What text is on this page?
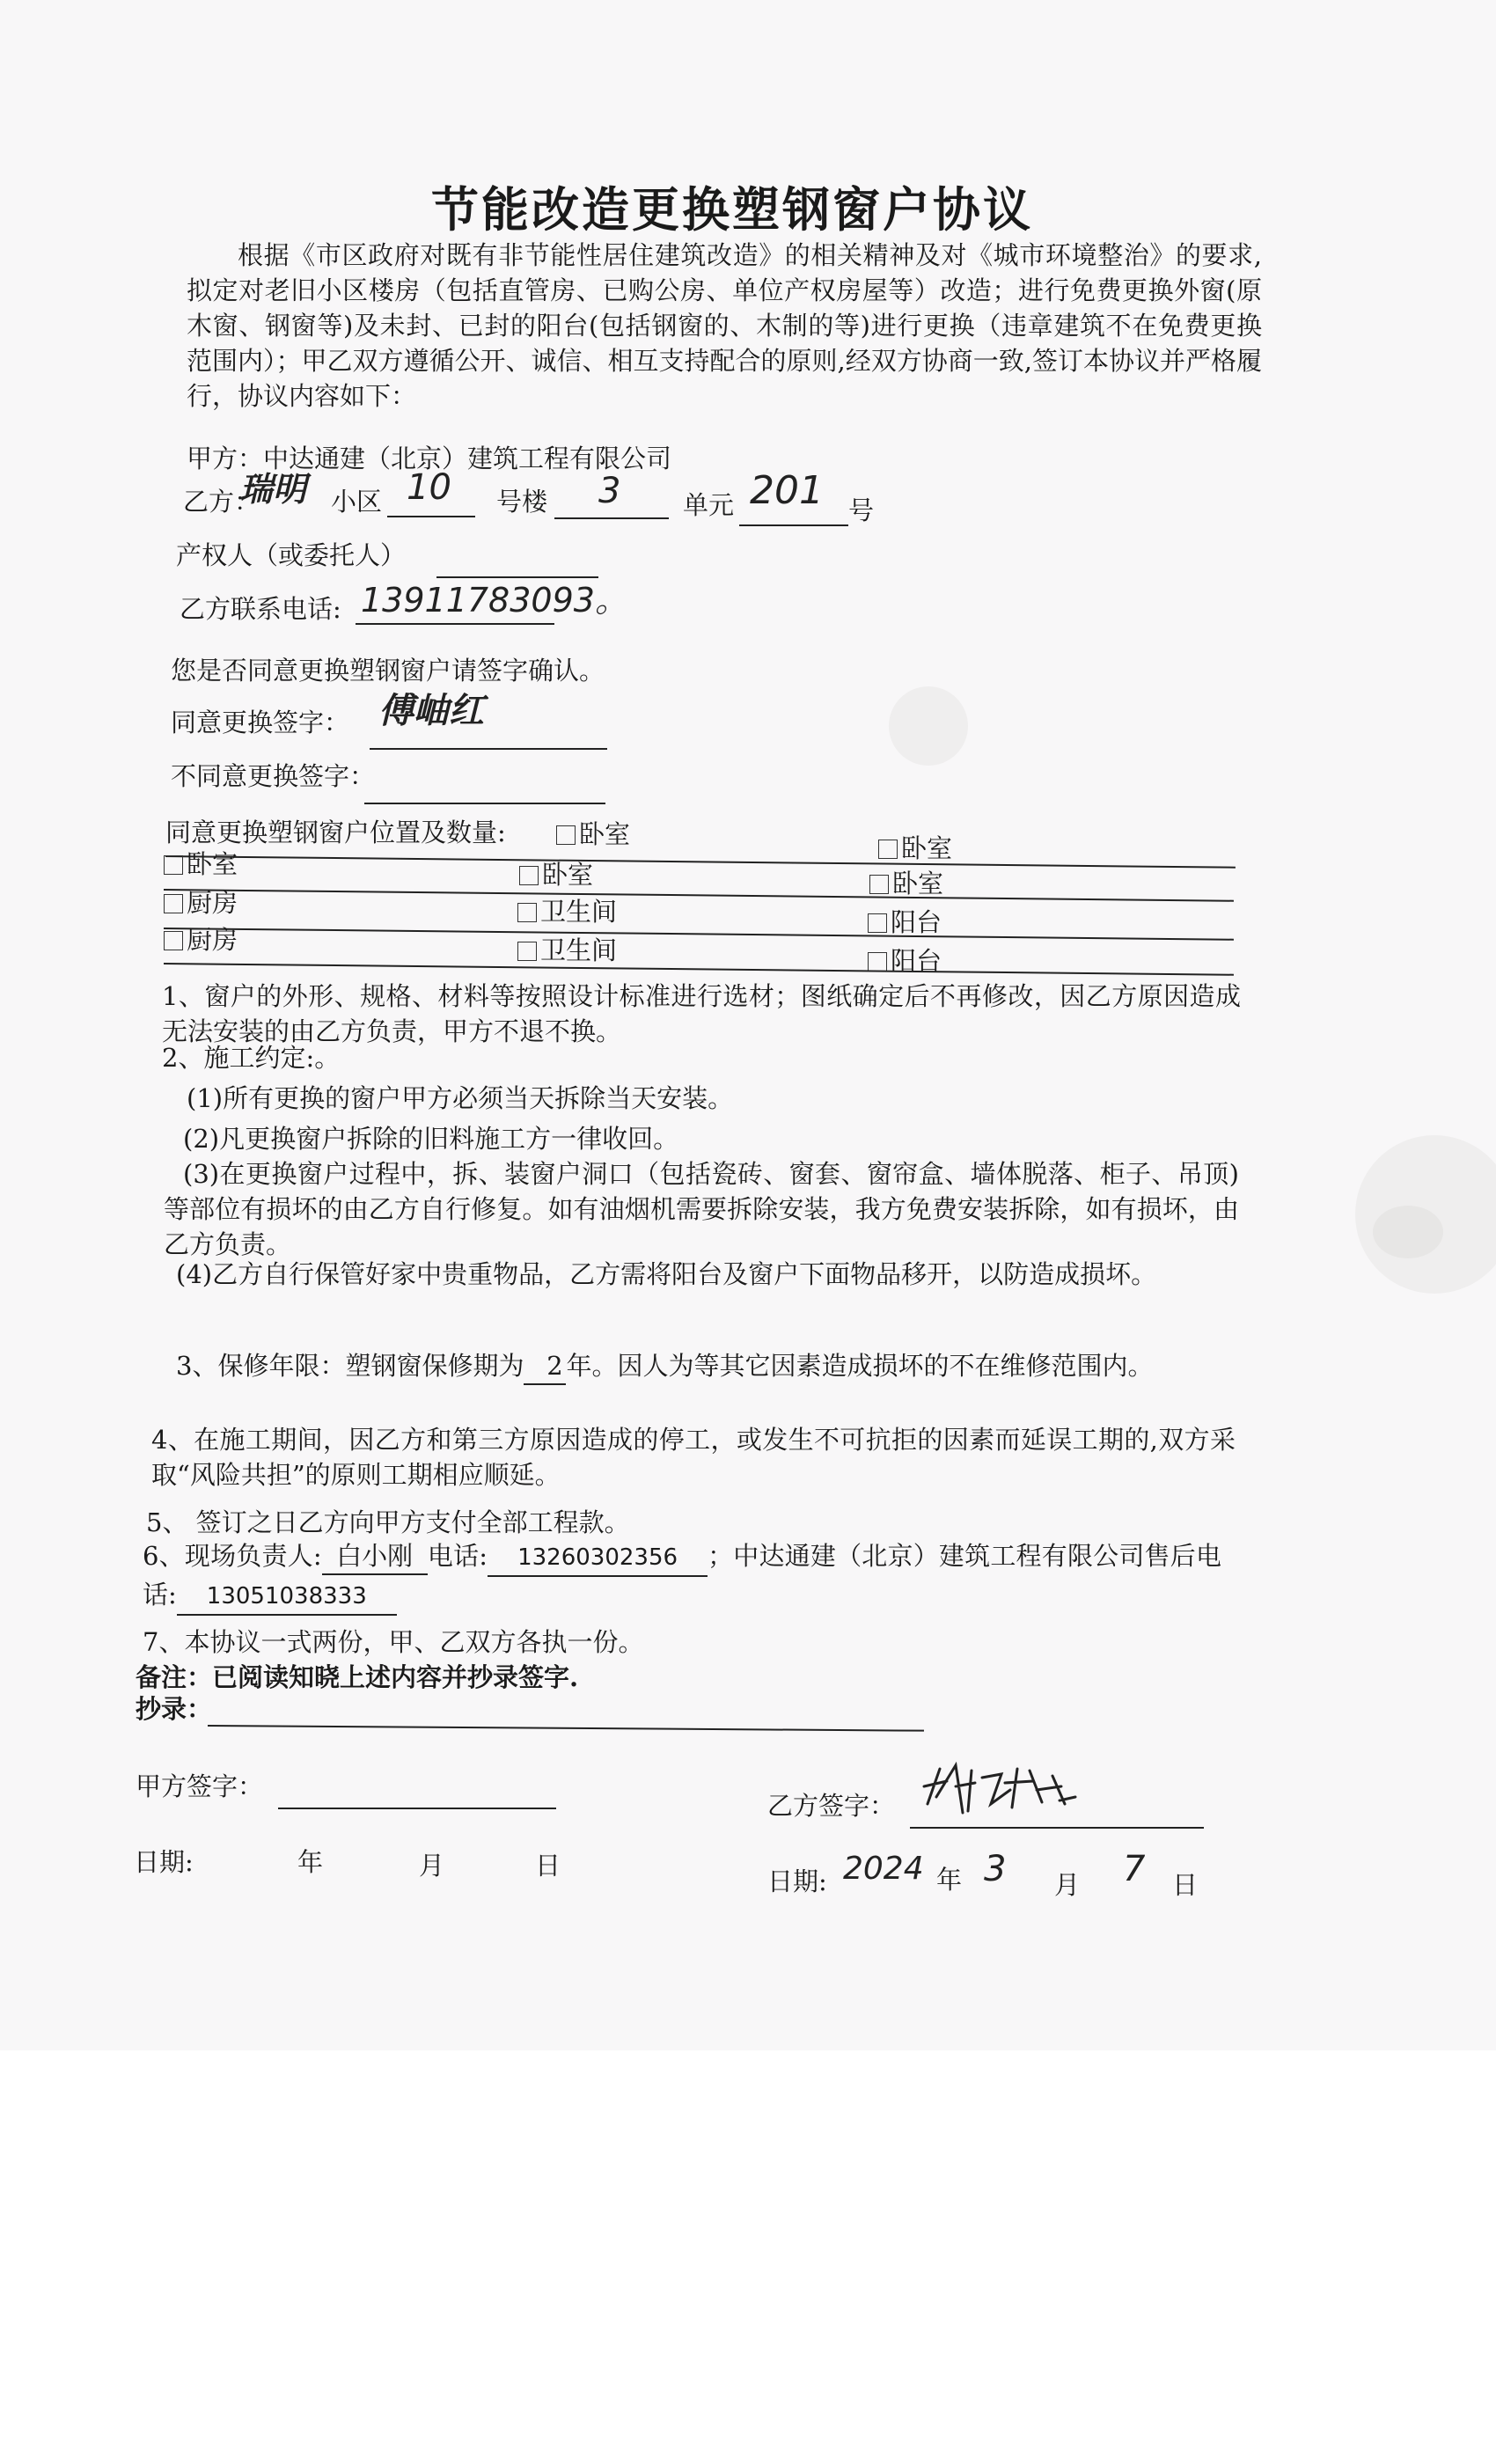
节能改造更换塑钢窗户协议
根据《市区政府对既有非节能性居住建筑改造》的相关精神及对《城市环境整治》的要求,拟定对老旧小区楼房（包括直管房、已购公房、单位产权房屋等）改造；进行免费更换外窗(原木窗、钢窗等)及未封、已封的阳台(包括钢窗的、木制的等)进行更换（违章建筑不在免费更换范围内）；甲乙双方遵循公开、诚信、相互支持配合的原则,经双方协商一致,签订本协议并严格履行，协议内容如下：
甲方：中达通建（北京）建筑工程有限公司
乙方：
瑞明 小区 10 号楼 3 单元 201 号
产权人（或委托人）
乙方联系电话: 13911783093。
您是否同意更换塑钢窗户请签字确认。
同意更换签字： 傅岫红
不同意更换签字：
同意更换塑钢窗户位置及数量:	卧室	卧室
卧室	卧室	卧室
厨房	卫生间	阳台
厨房	卫生间	阳台
1、窗户的外形、规格、材料等按照设计标准进行选材；图纸确定后不再修改，因乙方原因造成无法安装的由乙方负责，甲方不退不换。
2、施工约定:。
(1)所有更换的窗户甲方必须当天拆除当天安装。
(2)凡更换窗户拆除的旧料施工方一律收回。
(3)在更换窗户过程中，拆、装窗户洞口（包括瓷砖、窗套、窗帘盒、墙体脱落、柜子、吊顶)等部位有损坏的由乙方自行修复。如有油烟机需要拆除安装，我方免费安装拆除，如有损坏，由乙方负责。
(4)乙方自行保管好家中贵重物品，乙方需将阳台及窗户下面物品移开，以防造成损坏。
3、保修年限：塑钢窗保修期为 2 年。因人为等其它因素造成损坏的不在维修范围内。
4、在施工期间，因乙方和第三方原因造成的停工，或发生不可抗拒的因素而延误工期的,双方采取“风险共担”的原则工期相应顺延。
5、 签订之日乙方向甲方支付全部工程款。
6、现场负责人: 白小刚 电话: 13260302356 ；中达通建（北京）建筑工程有限公司售后电话: 13051038333
7、本协议一式两份，甲、乙双方各执一份。
备注：已阅读知晓上述内容并抄录签字.
抄录：
甲方签字：
乙方签字：
日期:	年	月	日
日期: 2024 年 3 月 7 日
